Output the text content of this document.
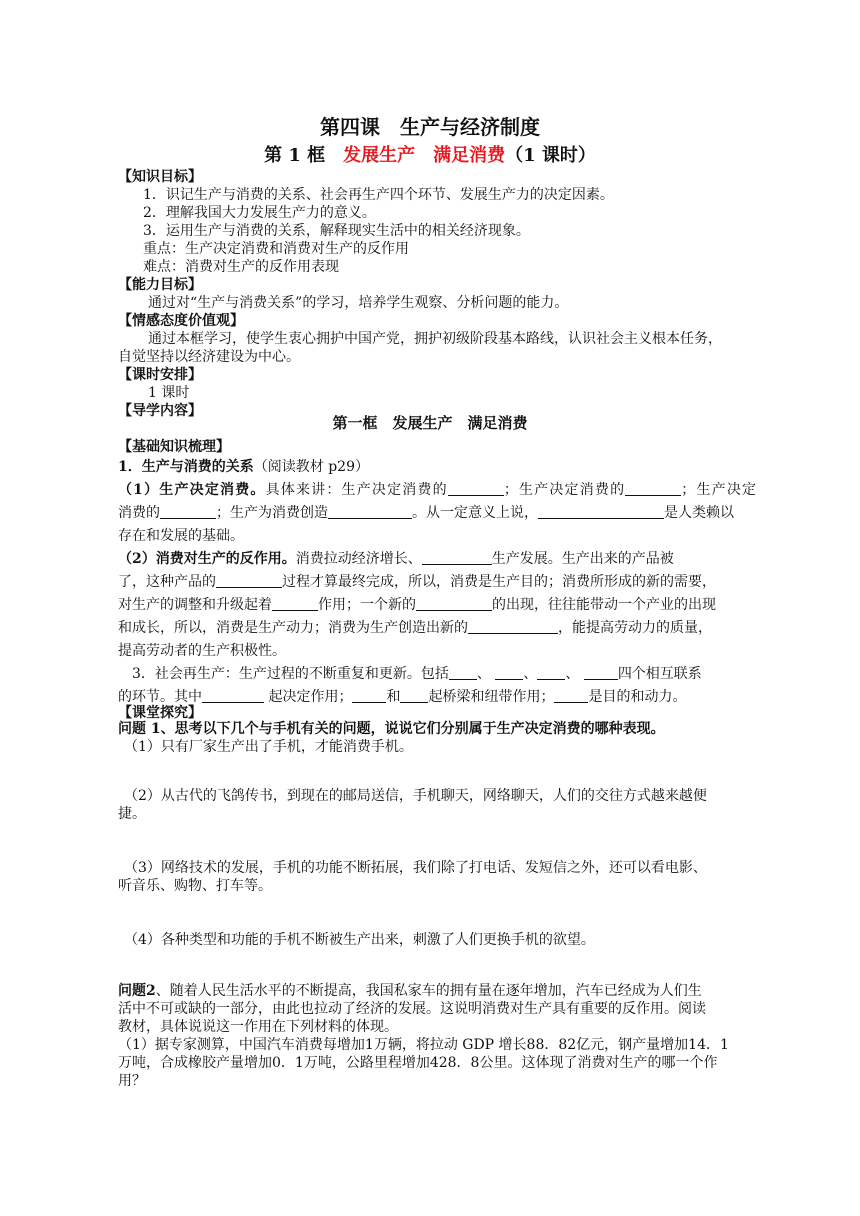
第四课　生产与经济制度
第 1 框　发展生产　满足消费（1 课时）
【知识目标】
1．识记生产与消费的关系、社会再生产四个环节、发展生产力的决定因素。
2．理解我国大力发展生产力的意义。
3．运用生产与消费的关系，解释现实生活中的相关经济现象。
重点：生产决定消费和消费对生产的反作用
难点：消费对生产的反作用表现
【能力目标】
通过对“生产与消费关系”的学习，培养学生观察、分析问题的能力。
【情感态度价值观】
通过本框学习，使学生衷心拥护中国产党，拥护初级阶段基本路线，认识社会主义根本任务，
自觉坚持以经济建设为中心。
【课时安排】
1 课时
【导学内容】
第一框　发展生产　满足消费
【基础知识梳理】
1．生产与消费的关系（阅读教材 p29）
（1）生产决定消费。具体来讲：生产决定消费的	；生产决定消费的	；生产决定
消费的	；生产为消费创造	。从一定意义上说，	是人类赖以
存在和发展的基础。
（2）消费对生产的反作用。消费拉动经济增长、	生产发展。生产出来的产品被
了，这种产品的	过程才算最终完成，所以，消费是生产目的；消费所形成的新的需要，
对生产的调整和升级起着	作用；一个新的	的出现，往往能带动一个产业的出现
和成长，所以，消费是生产动力；消费为生产创造出新的	，能提高劳动力的质量，
提高劳动者的生产积极性。
3．社会再生产：生产过程的不断重复和更新。包括 、 、 、	四个相互联系
的环节。其中	起决定作用； 和 起桥梁和纽带作用； 是目的和动力。
【课堂探究】
问题 1、思考以下几个与手机有关的问题，说说它们分别属于生产决定消费的哪种表现。
（1）只有厂家生产出了手机，才能消费手机。
（2）从古代的飞鸽传书，到现在的邮局送信，手机聊天，网络聊天，人们的交往方式越来越便
捷。
（3）网络技术的发展，手机的功能不断拓展，我们除了打电话、发短信之外，还可以看电影、
听音乐、购物、打车等。
（4）各种类型和功能的手机不断被生产出来，刺激了人们更换手机的欲望。
问题2、随着人民生活水平的不断提高，我国私家车的拥有量在逐年增加，汽车已经成为人们生
活中不可或缺的一部分，由此也拉动了经济的发展。这说明消费对生产具有重要的反作用。阅读
教材，具体说说这一作用在下列材料的体现。
（1）据专家测算，中国汽车消费每增加1万辆，将拉动 GDP 增长88．82亿元，钢产量增加14．1
万吨，合成橡胶产量增加0．1万吨，公路里程增加428．8公里。这体现了消费对生产的哪一个作
用？
